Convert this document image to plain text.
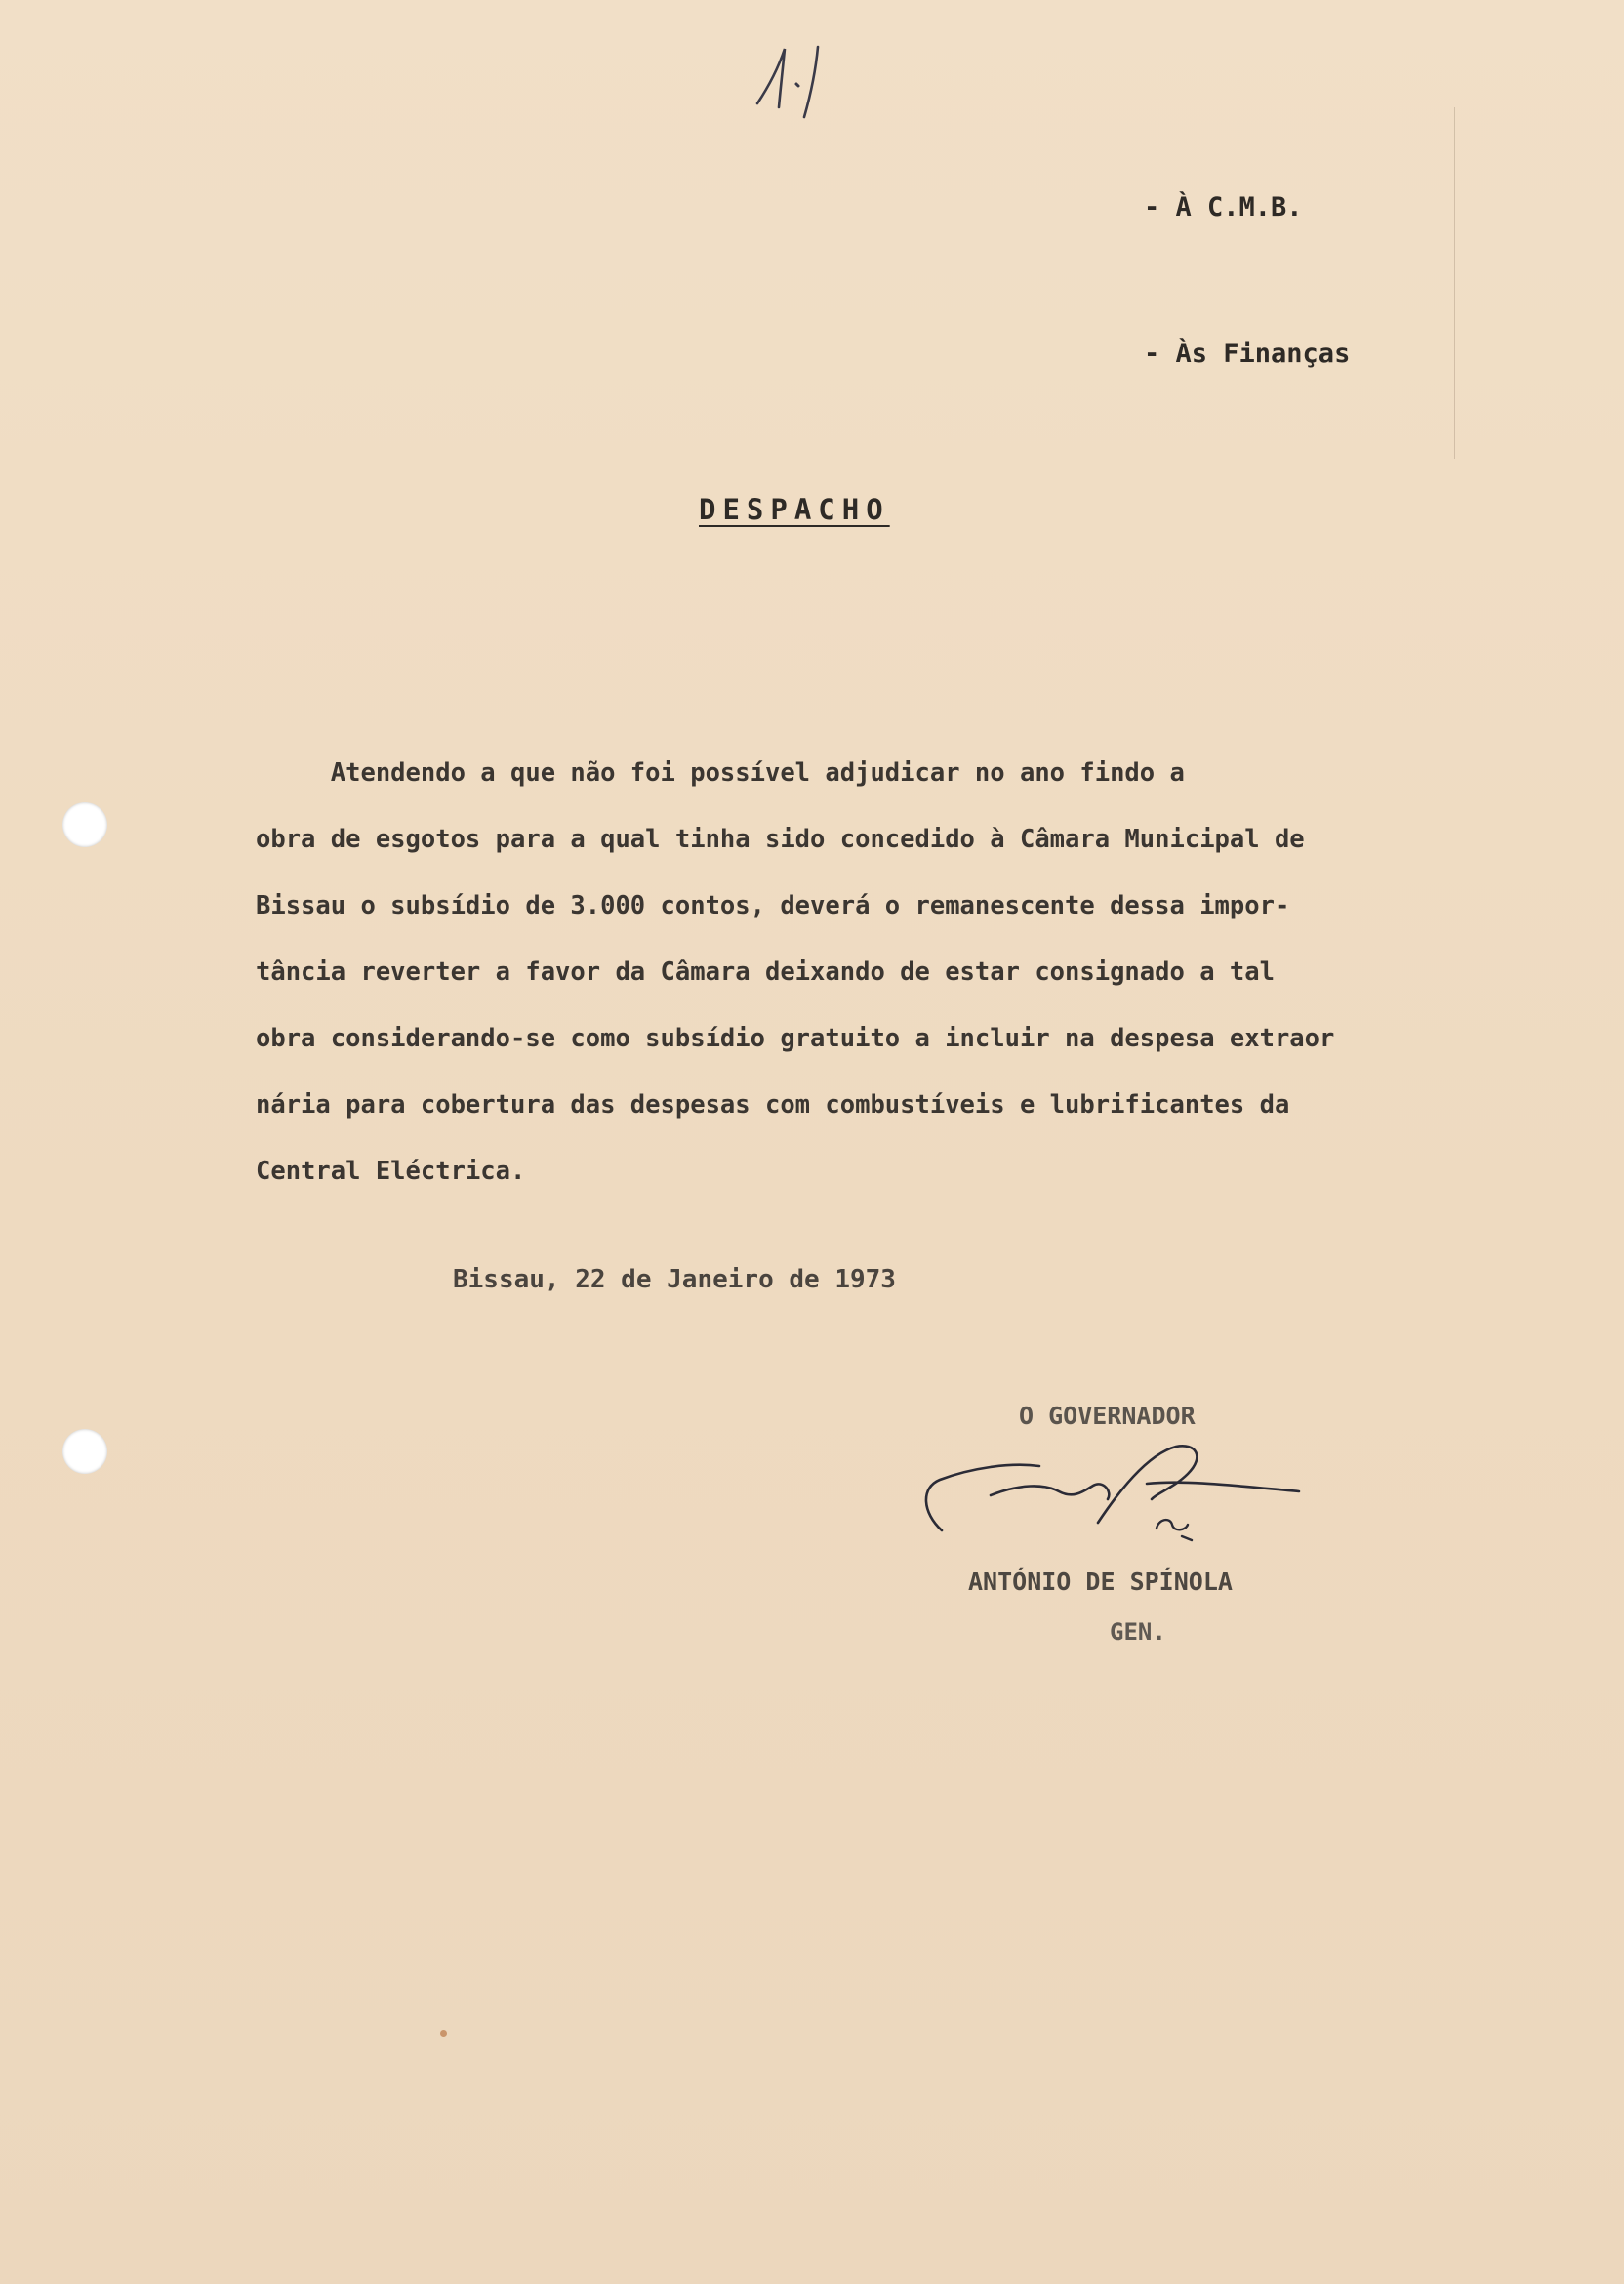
- À C.M.B.

- Às Finanças

DESPACHO
Atendendo a que não foi possível adjudicar no ano findo a
obra de esgotos para a qual tinha sido concedido à Câmara Municipal de
Bissau o subsídio de 3.000 contos, deverá o remanescente dessa impor-
tância reverter a favor da Câmara deixando de estar consignado a tal
obra considerando-se como subsídio gratuito a incluir na despesa extraor
nária para cobertura das despesas com combustíveis e lubrificantes da
Central Eléctrica.
Bissau, 22 de Janeiro de 1973
O GOVERNADOR
ANTÓNIO DE SPÍNOLA
GEN.
